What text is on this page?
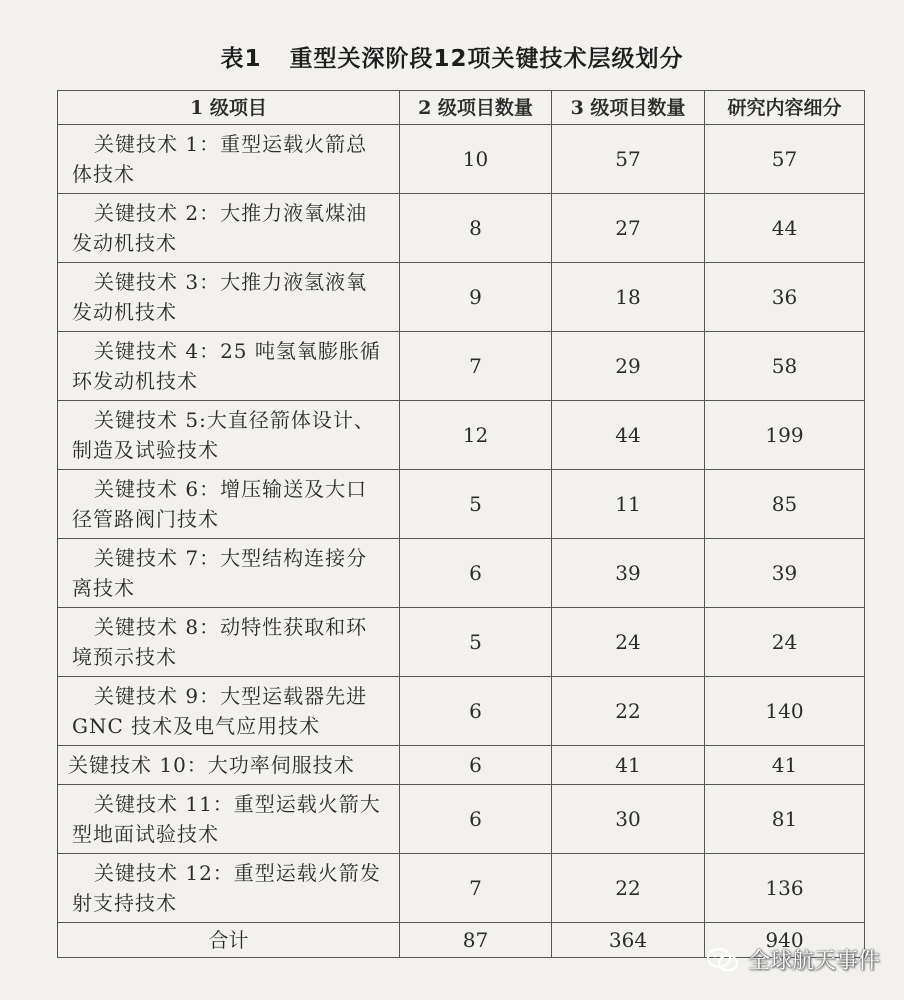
表1 重型关深阶段12项关键技术层级划分
1 级项目	2 级项目数量	3 级项目数量	研究内容细分
关键技术 1：重型运载火箭总体技术	10	57	57
关键技术 2：大推力液氧煤油发动机技术	8	27	44
关键技术 3：大推力液氢液氧发动机技术	9	18	36
关键技术 4：25 吨氢氧膨胀循环发动机技术	7	29	58
关键技术 5:大直径箭体设计、制造及试验技术	12	44	199
关键技术 6：增压输送及大口径管路阀门技术	5	11	85
关键技术 7：大型结构连接分离技术	6	39	39
关键技术 8：动特性获取和环境预示技术	5	24	24
关键技术 9：大型运载器先进GNC 技术及电气应用技术	6	22	140
关键技术 10：大功率伺服技术	6	41	41
关键技术 11：重型运载火箭大型地面试验技术	6	30	81
关键技术 12：重型运载火箭发射支持技术	7	22	136
合计	87	364	940
全球航天事件
